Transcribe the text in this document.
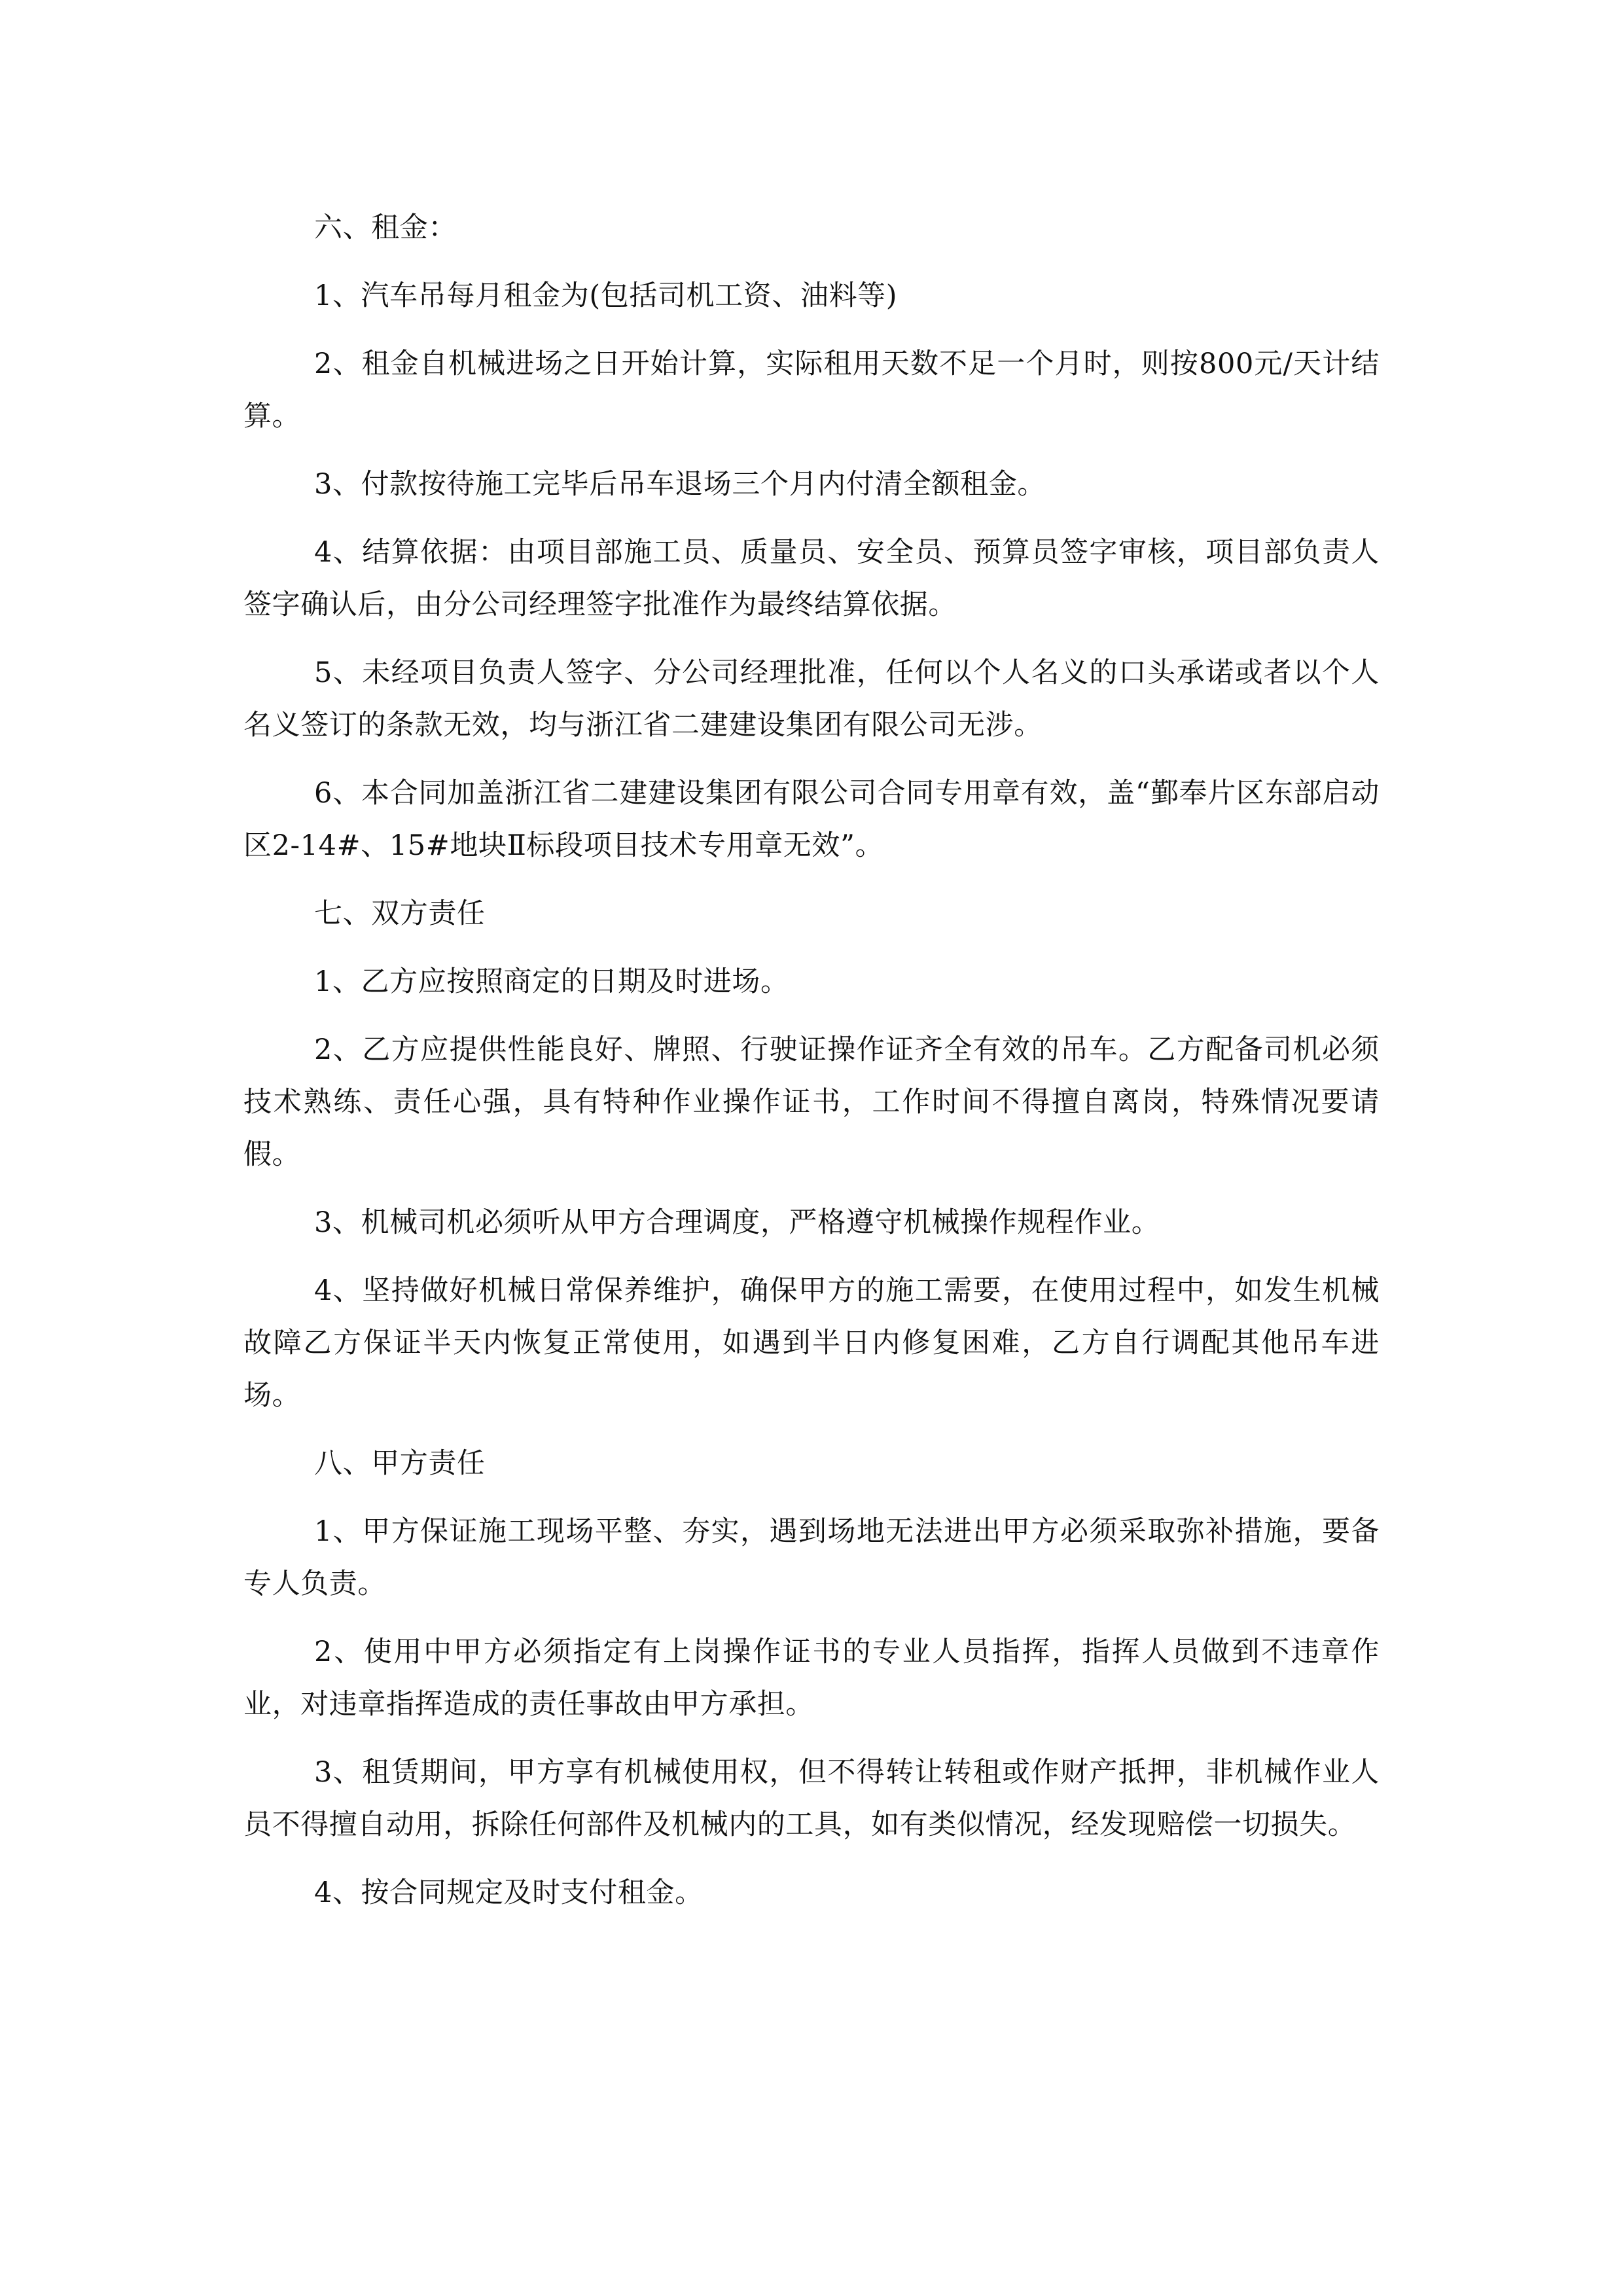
六、租金：

1、汽车吊每月租金为(包括司机工资、油料等)

2、租金自机械进场之日开始计算，实际租用天数不足一个月时，则按800元/天计结算。

3、付款按待施工完毕后吊车退场三个月内付清全额租金。

4、结算依据：由项目部施工员、质量员、安全员、预算员签字审核，项目部负责人签字确认后，由分公司经理签字批准作为最终结算依据。

5、未经项目负责人签字、分公司经理批准，任何以个人名义的口头承诺或者以个人名义签订的条款无效，均与浙江省二建建设集团有限公司无涉。

6、本合同加盖浙江省二建建设集团有限公司合同专用章有效，盖“鄞奉片区东部启动区2-14#、15#地块Ⅱ标段项目技术专用章无效”。

七、双方责任

1、乙方应按照商定的日期及时进场。

2、乙方应提供性能良好、牌照、行驶证操作证齐全有效的吊车。乙方配备司机必须技术熟练、责任心强，具有特种作业操作证书，工作时间不得擅自离岗，特殊情况要请假。

3、机械司机必须听从甲方合理调度，严格遵守机械操作规程作业。

4、坚持做好机械日常保养维护，确保甲方的施工需要，在使用过程中，如发生机械故障乙方保证半天内恢复正常使用，如遇到半日内修复困难，乙方自行调配其他吊车进场。

八、甲方责任

1、甲方保证施工现场平整、夯实，遇到场地无法进出甲方必须采取弥补措施，要备专人负责。

2、使用中甲方必须指定有上岗操作证书的专业人员指挥，指挥人员做到不违章作业，对违章指挥造成的责任事故由甲方承担。

3、租赁期间，甲方享有机械使用权，但不得转让转租或作财产抵押，非机械作业人员不得擅自动用，拆除任何部件及机械内的工具，如有类似情况，经发现赔偿一切损失。

4、按合同规定及时支付租金。
